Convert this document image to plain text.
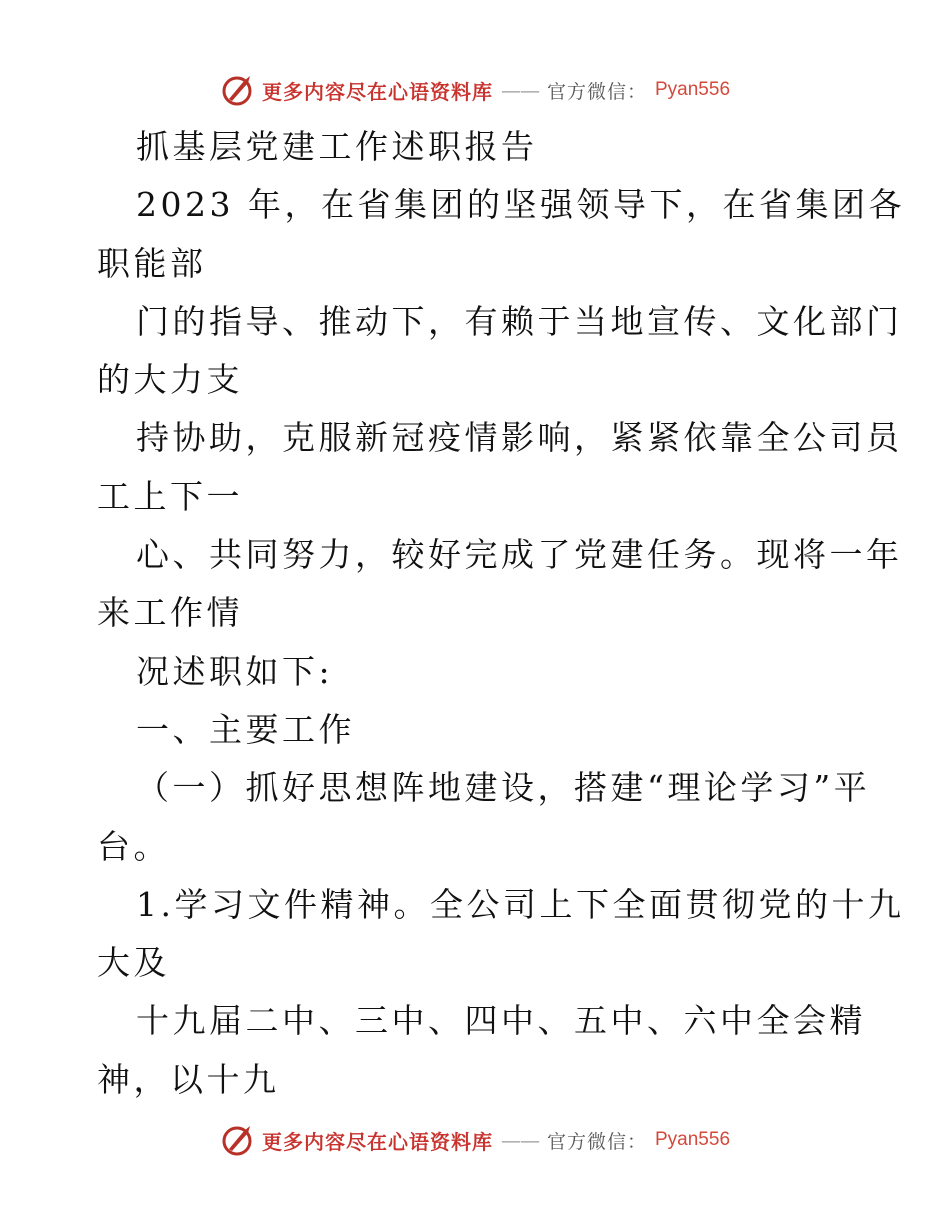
更多内容尽在心语资料库 —— 官方微信： Pyan556
抓基层党建工作述职报告
2023 年，在省集团的坚强领导下，在省集团各
职能部
门的指导、推动下，有赖于当地宣传、文化部门
的大力支
持协助，克服新冠疫情影响，紧紧依靠全公司员
工上下一
心、共同努力，较好完成了党建任务。现将一年
来工作情
况述职如下:
一、主要工作
（一）抓好思想阵地建设，搭建“理论学习”平
台。
1.学习文件精神。全公司上下全面贯彻党的十九
大及
十九届二中、三中、四中、五中、六中全会精
神，以十九
更多内容尽在心语资料库 —— 官方微信： Pyan556
